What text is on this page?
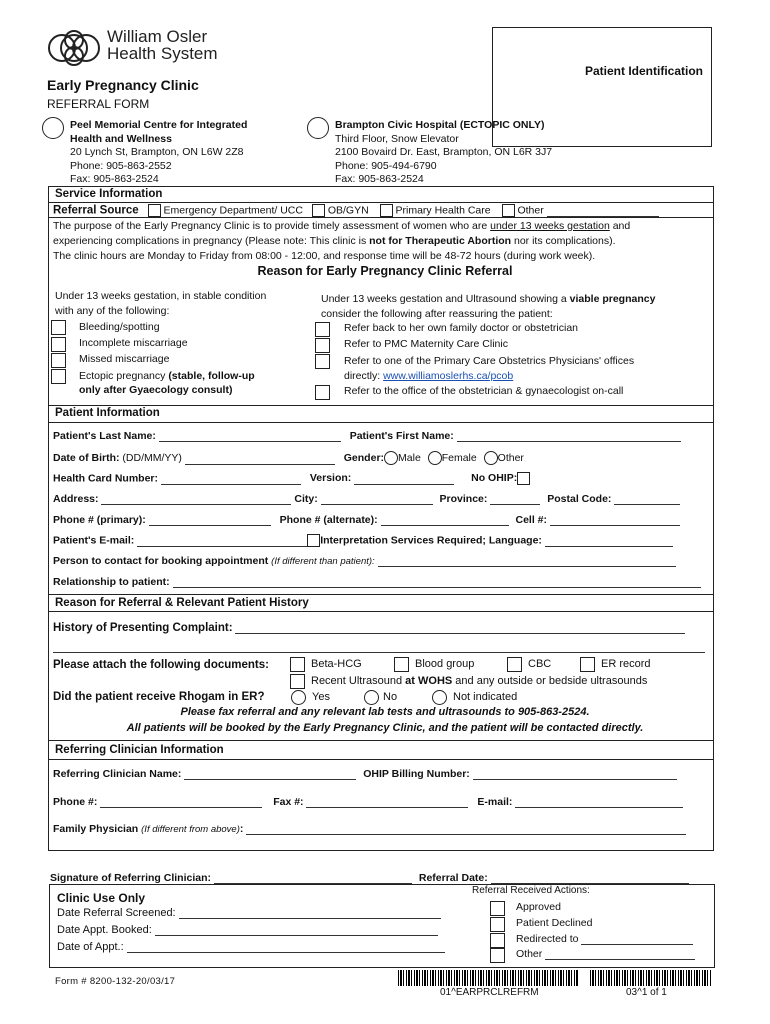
William Osler
Health System
Early Pregnancy Clinic
REFERRAL FORM
Patient Identification
Peel Memorial Centre for Integrated
Health and Wellness
20 Lynch St, Brampton, ON L6W 2Z8
Phone: 905-863-2552
Fax: 905-863-2524
Brampton Civic Hospital (ECTOPIC ONLY)
Third Floor, Snow Elevator
2100 Bovaird Dr. East, Brampton, ON L6R 3J7
Phone: 905-494-6790
Fax: 905-863-2524
Service Information
Referral Source Emergency Department/ UCC OB/GYN	Primary Health Care	Other
The purpose of the Early Pregnancy Clinic is to provide timely assessment of women who are under 13 weeks gestation and
experiencing complications in pregnancy (Please note: This clinic is not for Therapeutic Abortion nor its complications).
The clinic hours are Monday to Friday from 08:00 - 12:00, and response time will be 48-72 hours (during work week).
Reason for Early Pregnancy Clinic Referral
Under 13 weeks gestation, in stable condition
with any of the following:
Bleeding/spotting
Incomplete miscarriage
Missed miscarriage
Ectopic pregnancy (stable, follow-up
only after Gyaecology consult)
Under 13 weeks gestation and Ultrasound showing a viable pregnancy
consider the following after reassuring the patient:
Refer back to her own family doctor or obstetrician
Refer to PMC Maternity Care Clinic
Refer to one of the Primary Care Obstetrics Physicians' offices
directly: www.williamoslerhs.ca/pcob
Refer to the office of the obstetrician & gynaecologist on-call
Patient Information
Patient's Last Name:	Patient's First Name:
Date of Birth: (DD/MM/YY)	Gender: Male Female Other
Health Card Number:	Version:	No OHIP:
Address:	City:	Province:	Postal Code:
Phone # (primary):	Phone # (alternate):	Cell #:
Patient's E-mail:	Interpretation Services Required; Language:
Person to contact for booking appointment (If different than patient):
Relationship to patient:
Reason for Referral & Relevant Patient History
History of Presenting Complaint:
Please attach the following documents:	Beta-HCG	Blood group	CBC	ER record
Recent Ultrasound at WOHS and any outside or bedside ultrasounds
Did the patient receive Rhogam in ER?	Yes	No	Not indicated
Please fax referral and any relevant lab tests and ultrasounds to 905-863-2524.
All patients will be booked by the Early Pregnancy Clinic, and the patient will be contacted directly.
Referring Clinician Information
Referring Clinician Name:	OHIP Billing Number:
Phone #:	Fax #:	E-mail:
Family Physician (If different from above):
Signature of Referring Clinician:	Referral Date:
Clinic Use Only
Date Referral Screened:
Date Appt. Booked:
Date of Appt.:
Referral Received Actions:
Approved
Patient Declined
Redirected to
Other
Form # 8200-132-20/03/17
01^EARPRCLREFRM	03^1 of 1
